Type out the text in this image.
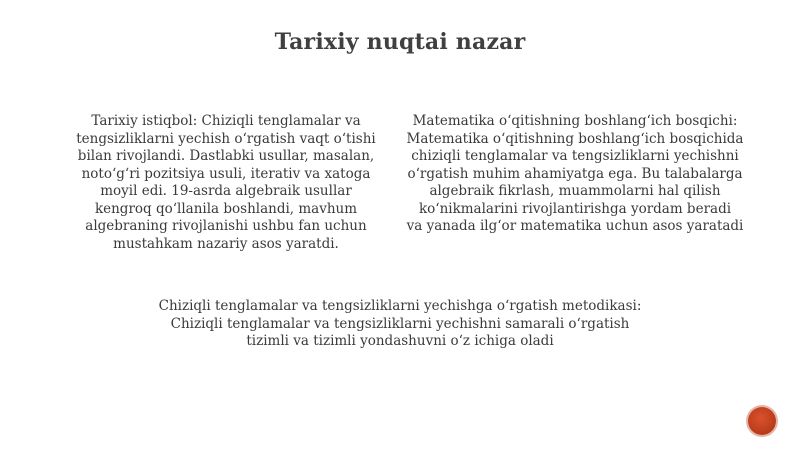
Tarixiy nuqtai nazar
Tarixiy istiqbol: Chiziqli tenglamalar va
tengsizliklarni yechish o‘rgatish vaqt o‘tishi
bilan rivojlandi. Dastlabki usullar, masalan,
noto‘g‘ri pozitsiya usuli, iterativ va xatoga
moyil edi. 19-asrda algebraik usullar
kengroq qo‘llanila boshlandi, mavhum
algebraning rivojlanishi ushbu fan uchun
mustahkam nazariy asos yaratdi.
Matematika o‘qitishning boshlang‘ich bosqichi:
Matematika o‘qitishning boshlang‘ich bosqichida
chiziqli tenglamalar va tengsizliklarni yechishni
o‘rgatish muhim ahamiyatga ega. Bu talabalarga
algebraik fikrlash, muammolarni hal qilish
ko‘nikmalarini rivojlantirishga yordam beradi
va yanada ilg‘or matematika uchun asos yaratadi
Chiziqli tenglamalar va tengsizliklarni yechishga o‘rgatish metodikasi:
Chiziqli tenglamalar va tengsizliklarni yechishni samarali o‘rgatish
tizimli va tizimli yondashuvni o‘z ichiga oladi
